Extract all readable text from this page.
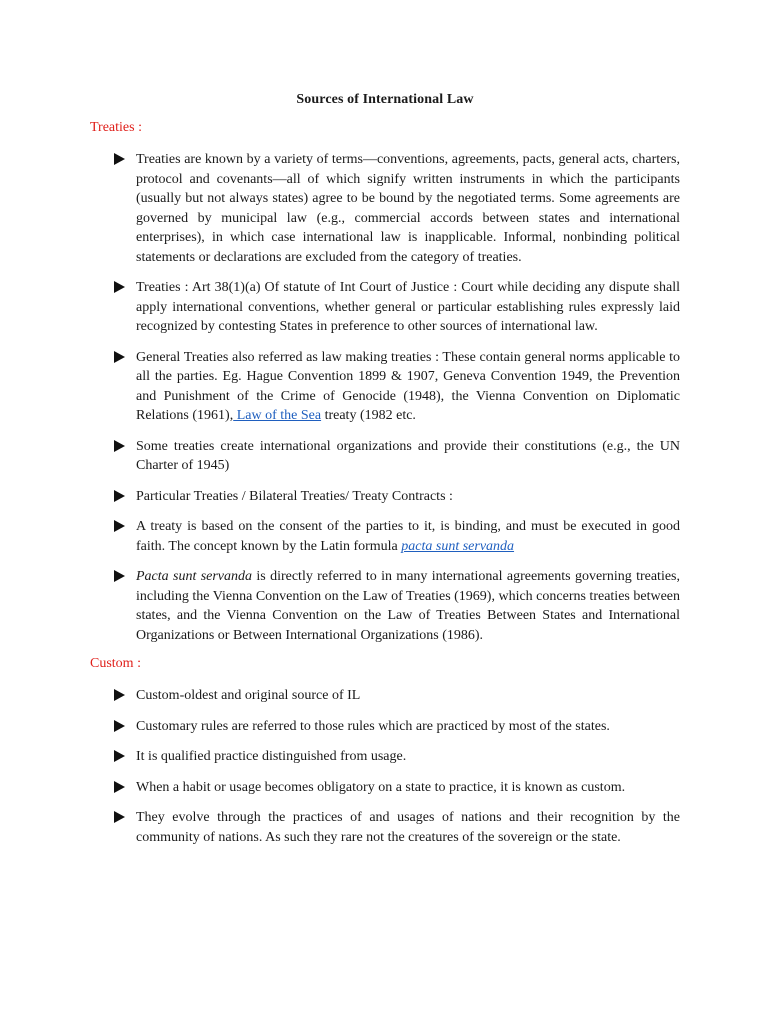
Sources of International Law
Treaties :
Treaties are known by a variety of terms—conventions, agreements, pacts, general acts, charters, protocol and covenants—all of which signify written instruments in which the participants (usually but not always states) agree to be bound by the negotiated terms. Some agreements are governed by municipal law (e.g., commercial accords between states and international enterprises), in which case international law is inapplicable. Informal, nonbinding political statements or declarations are excluded from the category of treaties.
Treaties : Art 38(1)(a) Of statute of Int Court of Justice : Court while deciding any dispute shall apply international conventions, whether general or particular establishing rules expressly laid recognized by contesting States in preference to other sources of international law.
General Treaties also referred as law making treaties : These contain general norms applicable to all the parties. Eg. Hague Convention 1899 & 1907, Geneva Convention 1949, the Prevention and Punishment of the Crime of Genocide (1948), the Vienna Convention on Diplomatic Relations (1961), Law of the Sea treaty (1982 etc.
Some treaties create international organizations and provide their constitutions (e.g., the UN Charter of 1945)
Particular Treaties / Bilateral Treaties/ Treaty Contracts :
A treaty is based on the consent of the parties to it, is binding, and must be executed in good faith. The concept known by the Latin formula pacta sunt servanda
Pacta sunt servanda is directly referred to in many international agreements governing treaties, including the Vienna Convention on the Law of Treaties (1969), which concerns treaties between states, and the Vienna Convention on the Law of Treaties Between States and International Organizations or Between International Organizations (1986).
Custom :
Custom-oldest and original source of IL
Customary rules are referred to those rules which are practiced by most of the states.
It is qualified practice distinguished from usage.
When a habit or usage becomes obligatory on a state to practice, it is known as custom.
They evolve through the practices of and usages of nations and their recognition by the community of nations. As such they rare not the creatures of the sovereign or the state.
